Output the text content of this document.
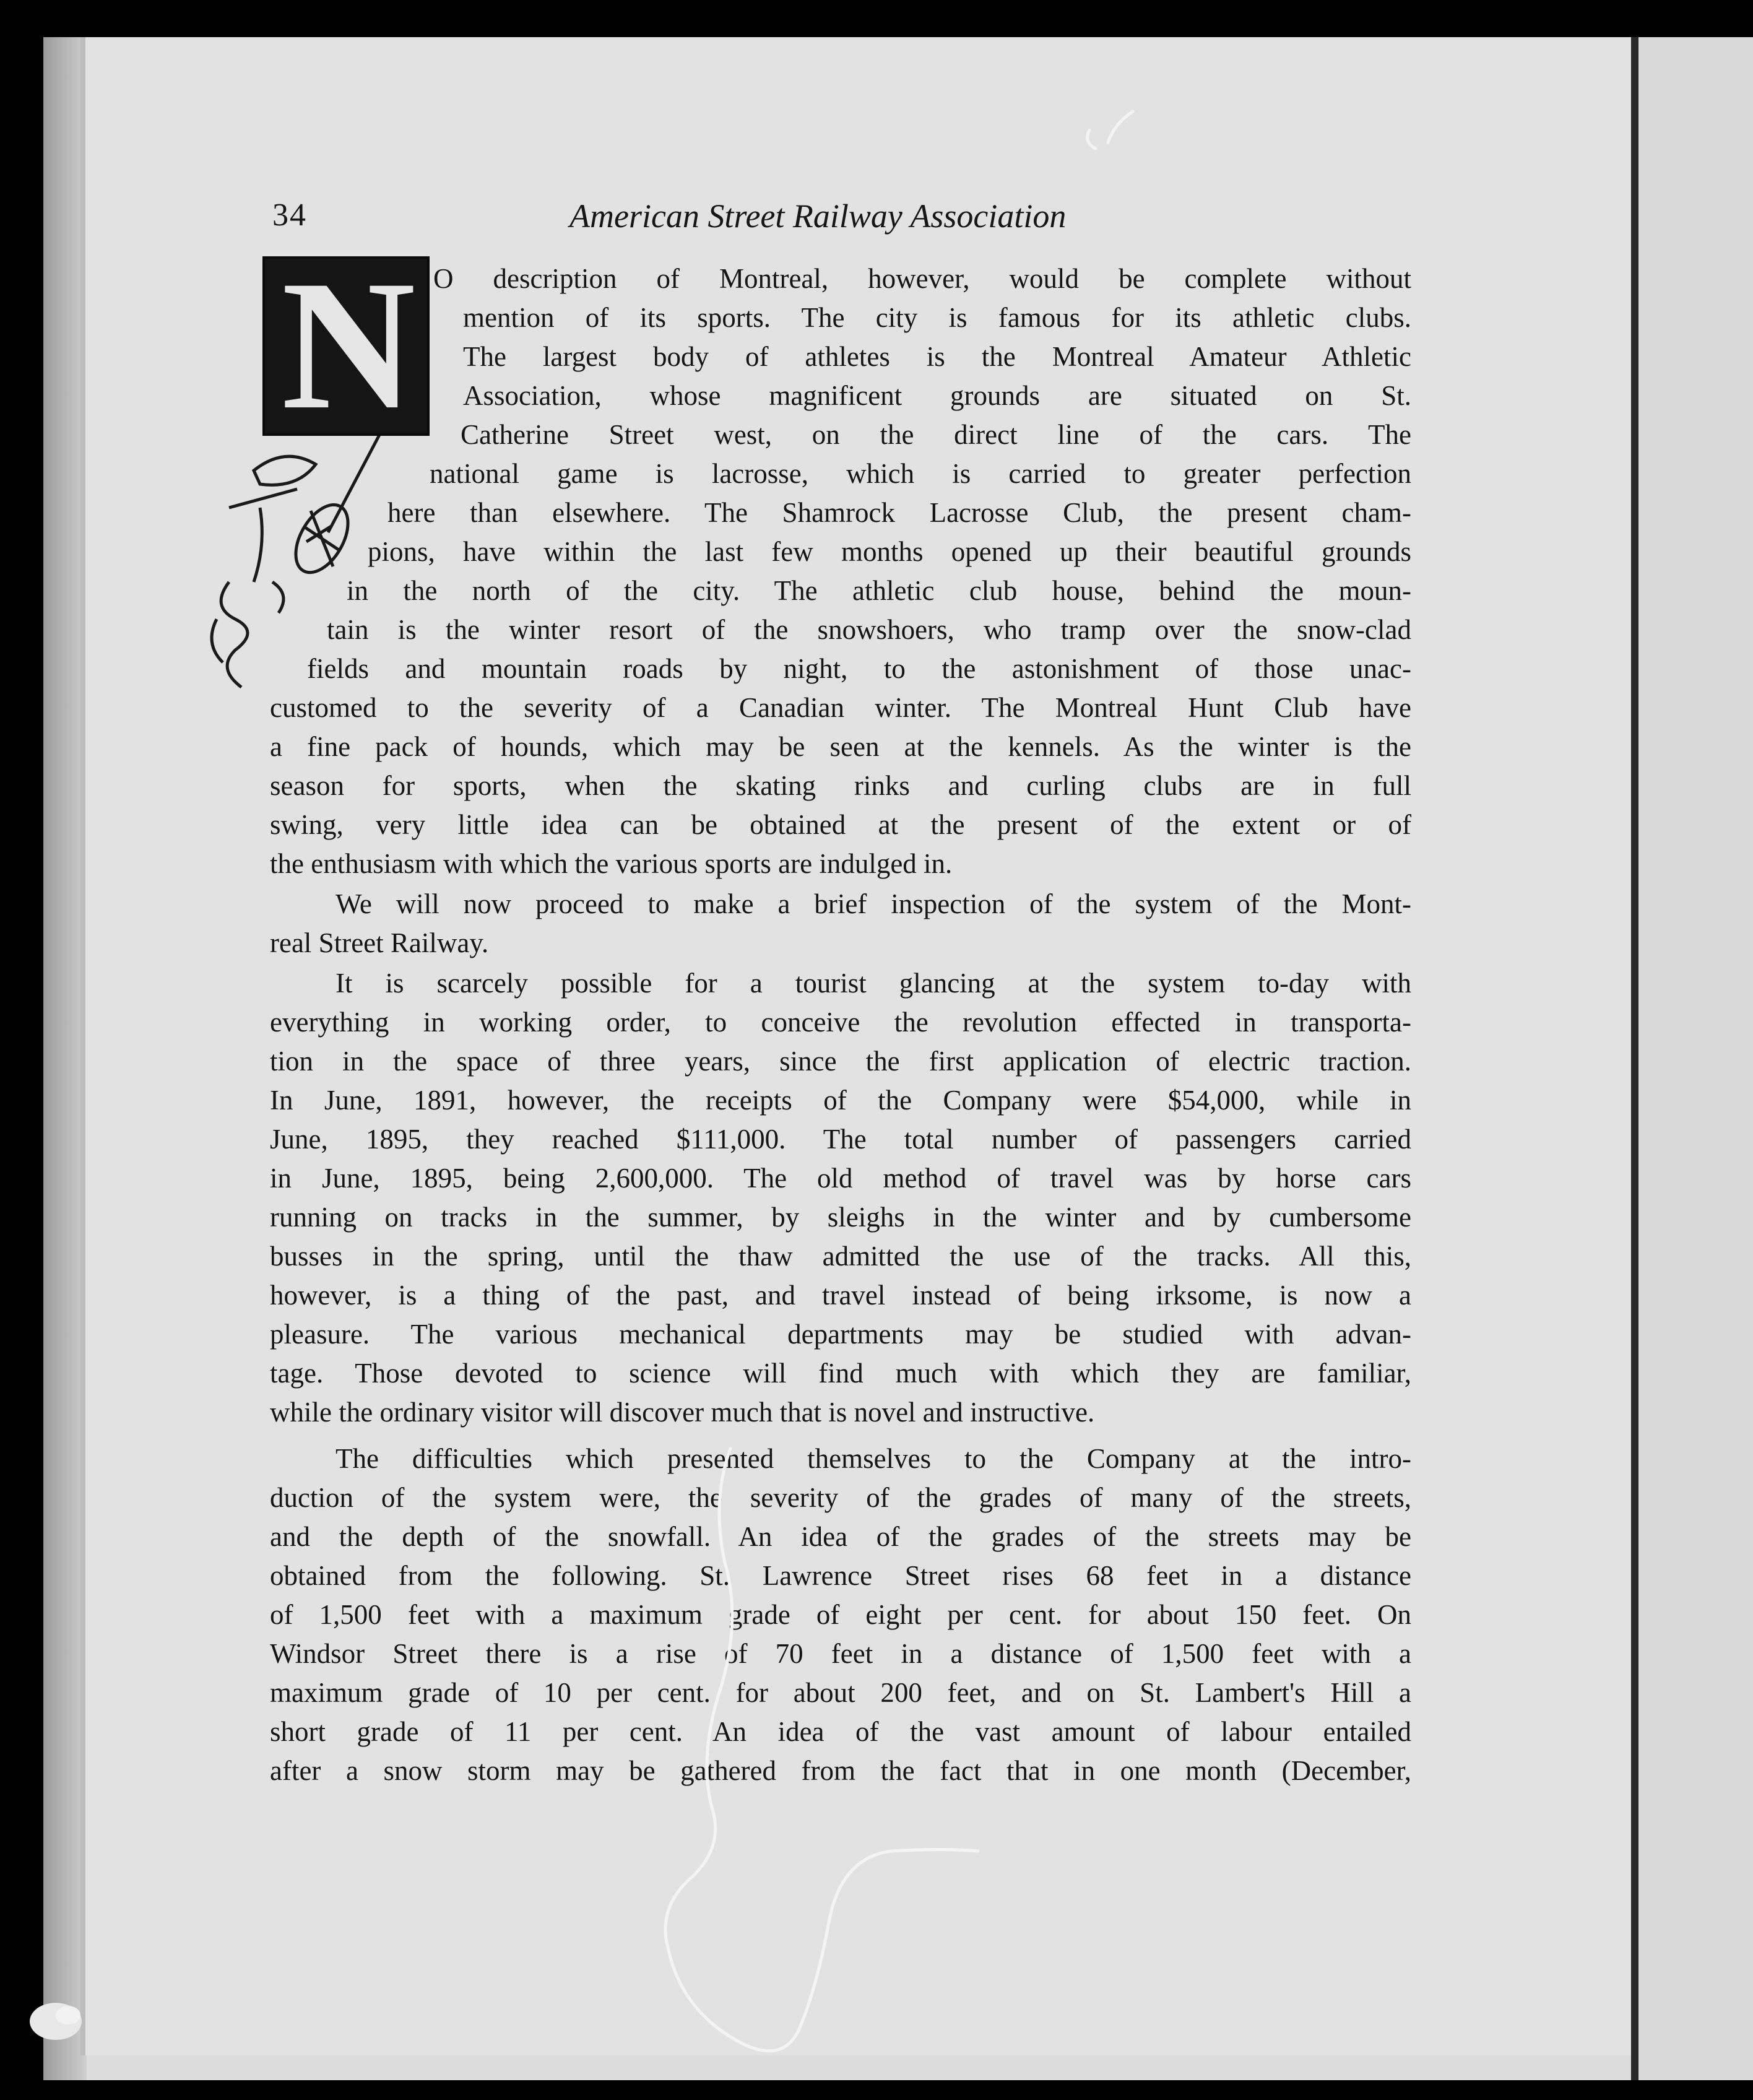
34	American Street Railway Association
N O description of Montreal, however, would be complete without
mention of its sports. The city is famous for its athletic clubs.
The largest body of athletes is the Montreal Amateur Athletic
Association, whose magnificent grounds are situated on St.
Catherine Street west, on the direct line of the cars. The
national game is lacrosse, which is carried to greater perfection
here than elsewhere. The Shamrock Lacrosse Club, the present cham-
pions, have within the last few months opened up their beautiful grounds
in the north of the city. The athletic club house, behind the moun-
tain is the winter resort of the snowshoers, who tramp over the snow-clad
fields and mountain roads by night, to the astonishment of those unac-
customed to the severity of a Canadian winter. The Montreal Hunt Club have
a fine pack of hounds, which may be seen at the kennels. As the winter is the
season for sports, when the skating rinks and curling clubs are in full
swing, very little idea can be obtained at the present of the extent or of
the enthusiasm with which the various sports are indulged in.
We will now proceed to make a brief inspection of the system of the Mont-
real Street Railway.
It is scarcely possible for a tourist glancing at the system to-day with
everything in working order, to conceive the revolution effected in transporta-
tion in the space of three years, since the first application of electric traction.
In June, 1891, however, the receipts of the Company were $54,000, while in
June, 1895, they reached $111,000. The total number of passengers carried
in June, 1895, being 2,600,000. The old method of travel was by horse cars
running on tracks in the summer, by sleighs in the winter and by cumbersome
busses in the spring, until the thaw admitted the use of the tracks. All this,
however, is a thing of the past, and travel instead of being irksome, is now a
pleasure. The various mechanical departments may be studied with advan-
tage. Those devoted to science will find much with which they are familiar,
while the ordinary visitor will discover much that is novel and instructive.
The difficulties which presented themselves to the Company at the intro-
duction of the system were, the severity of the grades of many of the streets,
and the depth of the snowfall. An idea of the grades of the streets may be
obtained from the following. St. Lawrence Street rises 68 feet in a distance
of 1,500 feet with a maximum grade of eight per cent. for about 150 feet. On
Windsor Street there is a rise of 70 feet in a distance of 1,500 feet with a
maximum grade of 10 per cent. for about 200 feet, and on St. Lambert's Hill a
short grade of 11 per cent. An idea of the vast amount of labour entailed
after a snow storm may be gathered from the fact that in one month (December,
